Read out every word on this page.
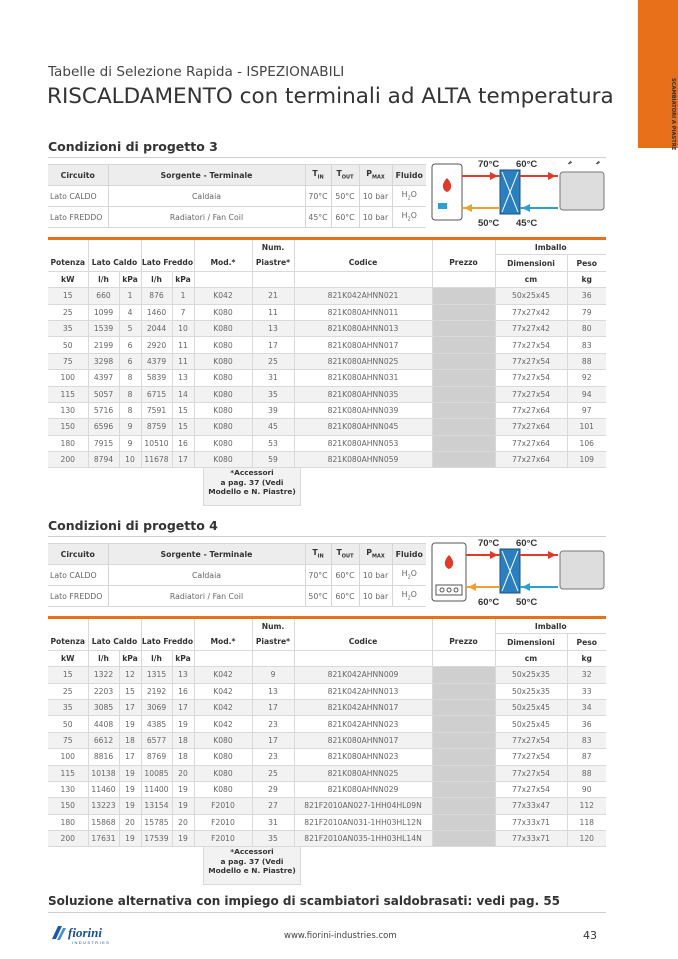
SCAMBIATORI A PIASTRE
Tabelle di Selezione Rapida - ISPEZIONABILI
RISCALDAMENTO con terminali ad ALTA temperatura
Condizioni di progetto 3
Circuito	Sorgente - Terminale	$T_{IN}$	$T_{OUT}$	$P_{MAX}$	Fluido
Lato CALDO	Caldaia	70°C	50°C	10 bar	$H_2O$
Lato FREDDO	Radiatori / Fan Coil	45°C	60°C	10 bar	$H_2O$
70°C 60°C
50°C 45°C
						Num.			Imballo	
Potenza	Lato Caldo		Lato Freddo		Mod.*	Piastre*	Codice	Prezzo	Dimensioni	Peso
kW	l/h	kPa	l/h	kPa					cm	kg
15	660	1	876	1	K042	21	821K042AHNN021		50x25x45	36
25	1099	4	1460	7	K080	11	821K080AHNN011		77x27x42	79
35	1539	5	2044	10	K080	13	821K080AHNN013		77x27x42	80
50	2199	6	2920	11	K080	17	821K080AHNN017		77x27x54	83
75	3298	6	4379	11	K080	25	821K080AHNN025		77x27x54	88
100	4397	8	5839	13	K080	31	821K080AHNN031		77x27x54	92
115	5057	8	6715	14	K080	35	821K080AHNN035		77x27x54	94
130	5716	8	7591	15	K080	39	821K080AHNN039		77x27x64	97
150	6596	9	8759	15	K080	45	821K080AHNN045		77x27x64	101
180	7915	9	10510	16	K080	53	821K080AHNN053		77x27x64	106
200	8794	10	11678	17	K080	59	821K080AHNN059		77x27x64	109
*Accessori
a pag. 37 (Vedi
Modello e N. Piastre)
Condizioni di progetto 4
Circuito	Sorgente - Terminale	$T_{IN}$	$T_{OUT}$	$P_{MAX}$	Fluido
Lato CALDO	Caldaia	70°C	60°C	10 bar	$H_2O$
Lato FREDDO	Radiatori / Fan Coil	50°C	60°C	10 bar	$H_2O$
70°C 60°C
60°C 50°C
						Num.			Imballo	
Potenza	Lato Caldo		Lato Freddo		Mod.*	Piastre*	Codice	Prezzo	Dimensioni	Peso
kW	l/h	kPa	l/h	kPa					cm	kg
15	1322	12	1315	13	K042	9	821K042AHNN009		50x25x35	32
25	2203	15	2192	16	K042	13	821K042AHNN013		50x25x35	33
35	3085	17	3069	17	K042	17	821K042AHNN017		50x25x45	34
50	4408	19	4385	19	K042	23	821K042AHNN023		50x25x45	36
75	6612	18	6577	18	K080	17	821K080AHNN017		77x27x54	83
100	8816	17	8769	18	K080	23	821K080AHNN023		77x27x54	87
115	10138	19	10085	20	K080	25	821K080AHNN025		77x27x54	88
130	11460	19	11400	19	K080	29	821K080AHNN029		77x27x54	90
150	13223	19	13154	19	F2010	27	821F2010AN027-1HH04HL09N		77x33x47	112
180	15868	20	15785	20	F2010	31	821F2010AN031-1HH03HL12N		77x33x71	118
200	17631	19	17539	19	F2010	35	821F2010AN035-1HH03HL14N		77x33x71	120
*Accessori
a pag. 37 (Vedi
Modello e N. Piastre)
Soluzione alternativa con impiego di scambiatori saldobrasati: vedi pag. 55
fiorini
INDUSTRIES
www.fiorini-industries.com	43
